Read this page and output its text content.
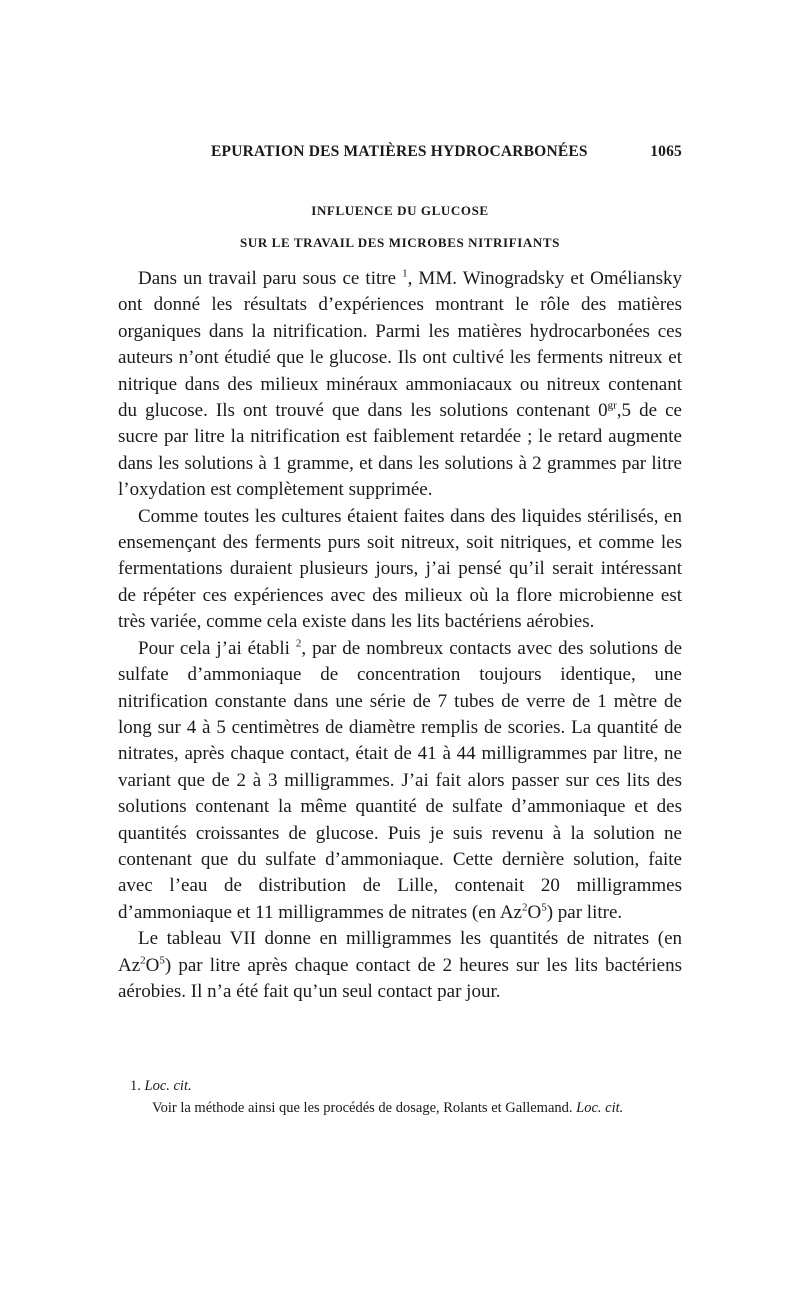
EPURATION DES MATIÈRES HYDROCARBONÉES	1065
INFLUENCE DU GLUCOSE
SUR LE TRAVAIL DES MICROBES NITRIFIANTS

Dans un travail paru sous ce titre $^1$, MM. Winogradsky et Oméliansky ont donné les résultats d’expériences montrant le rôle des matières organiques dans la nitrification. Parmi les matières hydrocarbonées ces auteurs n’ont étudié que le glucose. Ils ont cultivé les ferments nitreux et nitrique dans des milieux minéraux ammoniacaux ou nitreux contenant du glucose. Ils ont trouvé que dans les solutions contenant $0^{gr},5$ de ce sucre par litre la nitrification est faiblement retardée ; le retard augmente dans les solutions à 1 gramme, et dans les solutions à 2 grammes par litre l’oxydation est complètement supprimée.

Comme toutes les cultures étaient faites dans des liquides stérilisés, en ensemençant des ferments purs soit nitreux, soit nitriques, et comme les fermentations duraient plusieurs jours, j’ai pensé qu’il serait intéressant de répéter ces expériences avec des milieux où la flore microbienne est très variée, comme cela existe dans les lits bactériens aérobies.

Pour cela j’ai établi $^2$, par de nombreux contacts avec des solutions de sulfate d’ammoniaque de concentration toujours identique, une nitrification constante dans une série de 7 tubes de verre de 1 mètre de long sur 4 à 5 centimètres de diamètre remplis de scories. La quantité de nitrates, après chaque contact, était de 41 à 44 milligrammes par litre, ne variant que de 2 à 3 milligrammes. J’ai fait alors passer sur ces lits des solutions contenant la même quantité de sulfate d’ammoniaque et des quantités croissantes de glucose. Puis je suis revenu à la solution ne contenant que du sulfate d’ammoniaque. Cette dernière solution, faite avec l’eau de distribution de Lille, contenait 20 milligrammes d’ammoniaque et 11 milligrammes de nitrates (en $Az^2O^5$) par litre.

Le tableau VII donne en milligrammes les quantités de nitrates (en $Az^2O^5$) par litre après chaque contact de 2 heures sur les lits bactériens aérobies. Il n’a été fait qu’un seul contact par jour.

1. Loc. cit.

Voir la méthode ainsi que les procédés de dosage, Rolants et Gallemand. Loc. cit.
